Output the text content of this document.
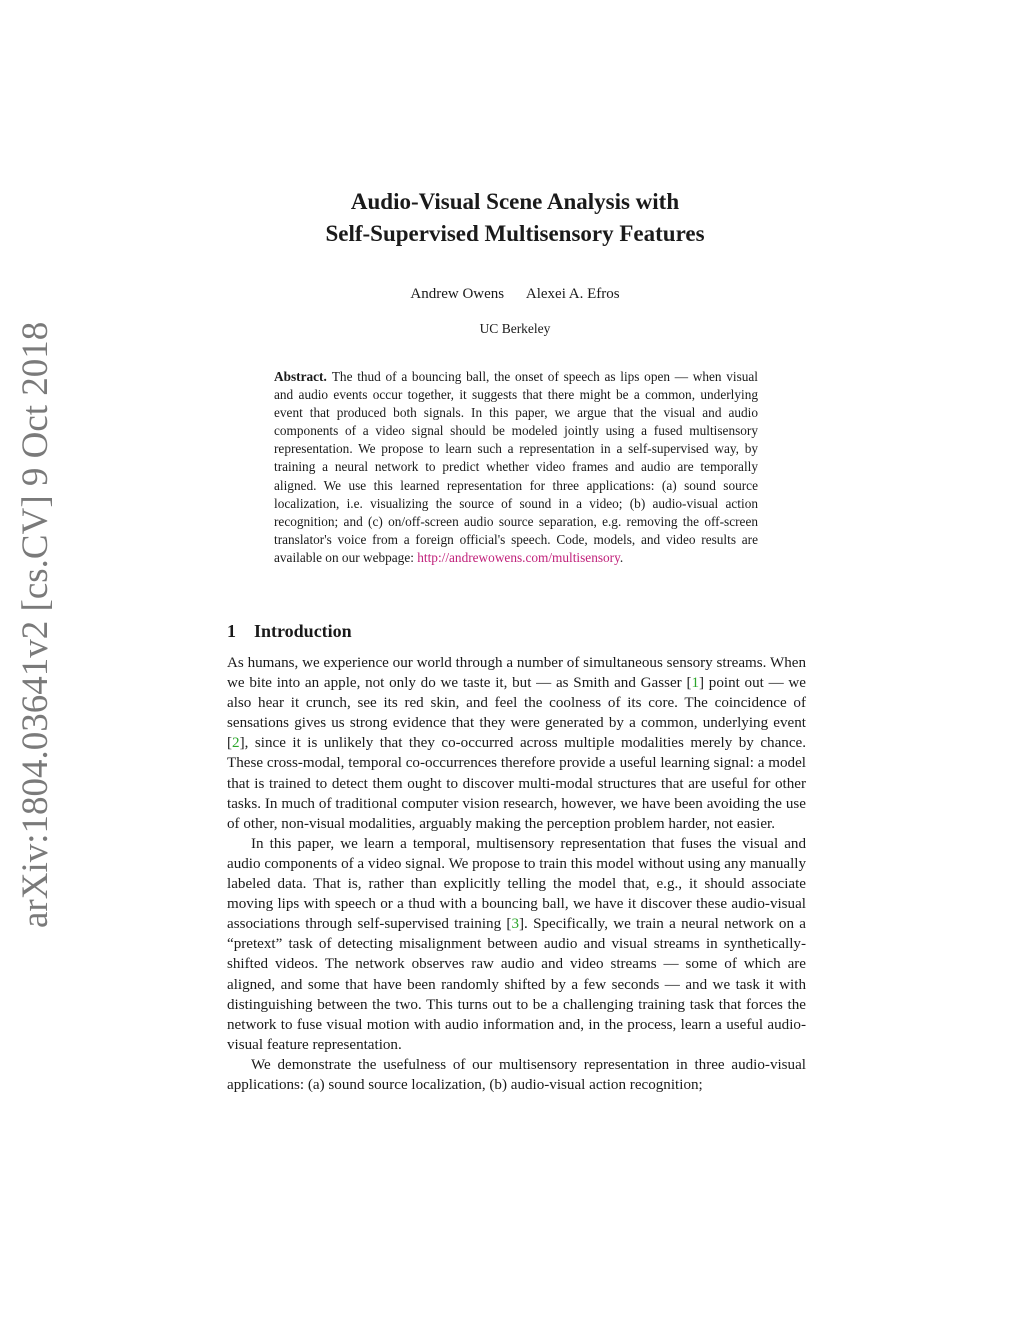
arXiv:1804.03641v2 [cs.CV] 9 Oct 2018
Audio-Visual Scene Analysis with
Self-Supervised Multisensory Features
Andrew Owens Alexei A. Efros
UC Berkeley
Abstract. The thud of a bouncing ball, the onset of speech as lips open — when visual and audio events occur together, it suggests that there might be a common, underlying event that produced both signals. In this paper, we argue that the visual and audio components of a video signal should be modeled jointly using a fused multisensory representation. We propose to learn such a representation in a self-supervised way, by training a neural network to predict whether video frames and audio are temporally aligned. We use this learned representation for three applications: (a) sound source localization, i.e. visualizing the source of sound in a video; (b) audio-visual action recognition; and (c) on/off-screen audio source separation, e.g. removing the off-screen translator's voice from a foreign official's speech. Code, models, and video results are available on our webpage: http://andrewowens.com/multisensory.
1 Introduction

As humans, we experience our world through a number of simultaneous sensory streams. When we bite into an apple, not only do we taste it, but — as Smith and Gasser [1] point out — we also hear it crunch, see its red skin, and feel the coolness of its core. The coincidence of sensations gives us strong evidence that they were generated by a common, underlying event [2], since it is unlikely that they co-occurred across multiple modalities merely by chance. These cross-modal, temporal co-occurrences therefore provide a useful learning signal: a model that is trained to detect them ought to discover multi-modal structures that are useful for other tasks. In much of traditional computer vision research, however, we have been avoiding the use of other, non-visual modalities, arguably making the perception problem harder, not easier.

In this paper, we learn a temporal, multisensory representation that fuses the visual and audio components of a video signal. We propose to train this model without using any manually labeled data. That is, rather than explicitly telling the model that, e.g., it should associate moving lips with speech or a thud with a bouncing ball, we have it discover these audio-visual associations through self-supervised training [3]. Specifically, we train a neural network on a “pretext” task of detecting misalignment between audio and visual streams in synthetically-shifted videos. The network observes raw audio and video streams — some of which are aligned, and some that have been randomly shifted by a few seconds — and we task it with distinguishing between the two. This turns out to be a challenging training task that forces the network to fuse visual motion with audio information and, in the process, learn a useful audio-visual feature representation.

We demonstrate the usefulness of our multisensory representation in three audio-visual applications: (a) sound source localization, (b) audio-visual action recognition;
